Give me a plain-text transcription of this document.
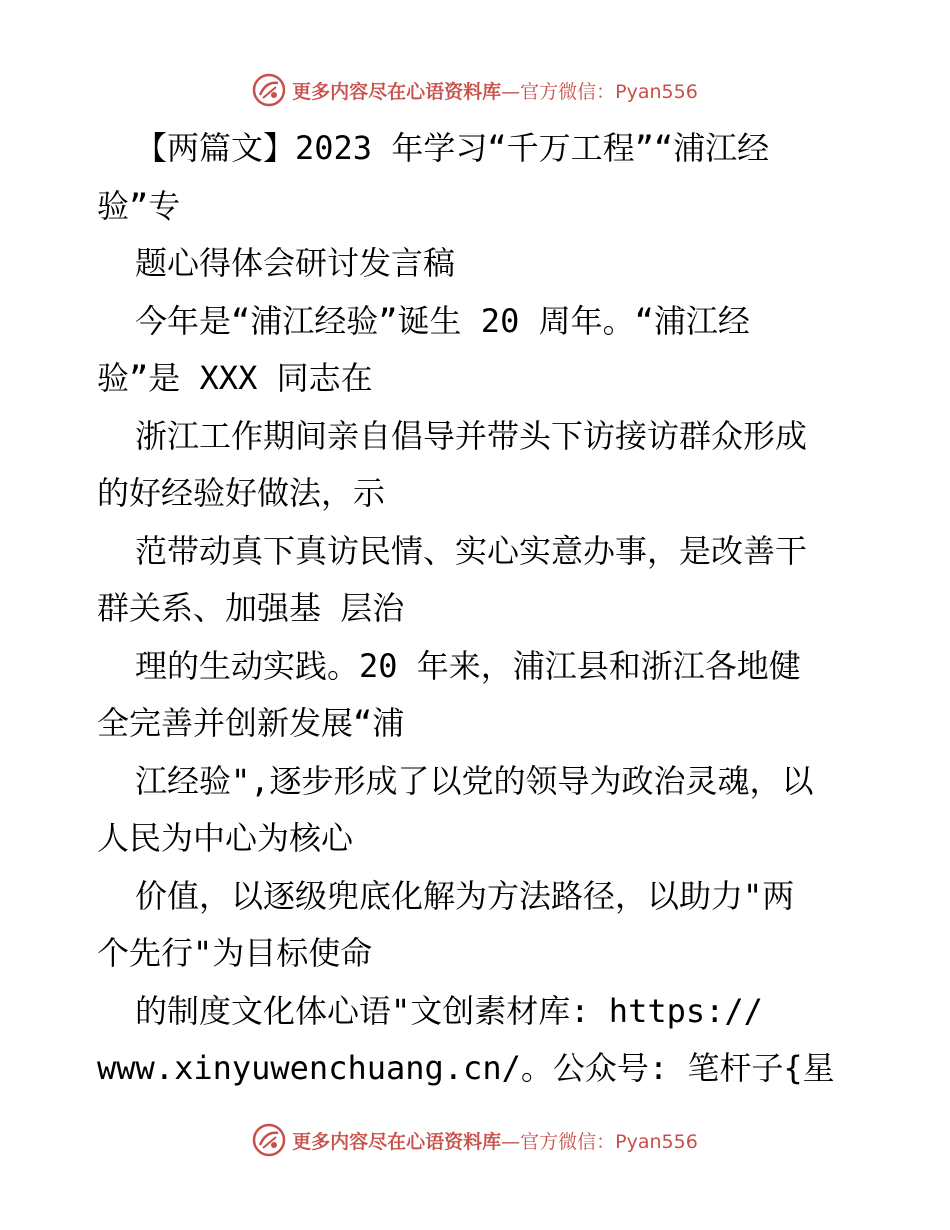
更多内容尽在心语资料库—官方微信：Pyan556
【两篇文】2023 年学习“千万工程”“浦江经
验”专
题心得体会研讨发言稿
今年是“浦江经验”诞生 20 周年。“浦江经
验”是 XXX 同志在
浙江工作期间亲自倡导并带头下访接访群众形成
的好经验好做法，示
范带动真下真访民情、实心实意办事，是改善干
群关系、加强基 层治
理的生动实践。20 年来，浦江县和浙江各地健
全完善并创新发展“浦
江经验",逐步形成了以党的领导为政治灵魂，以
人民为中心为核心
价值，以逐级兜底化解为方法路径，以助力"两
个先行"为目标使命
的制度文化体心语"文创素材库: https://
www.xinyuwenchuang.cn/。公众号: 笔杆子{星
更多内容尽在心语资料库—官方微信：Pyan556
